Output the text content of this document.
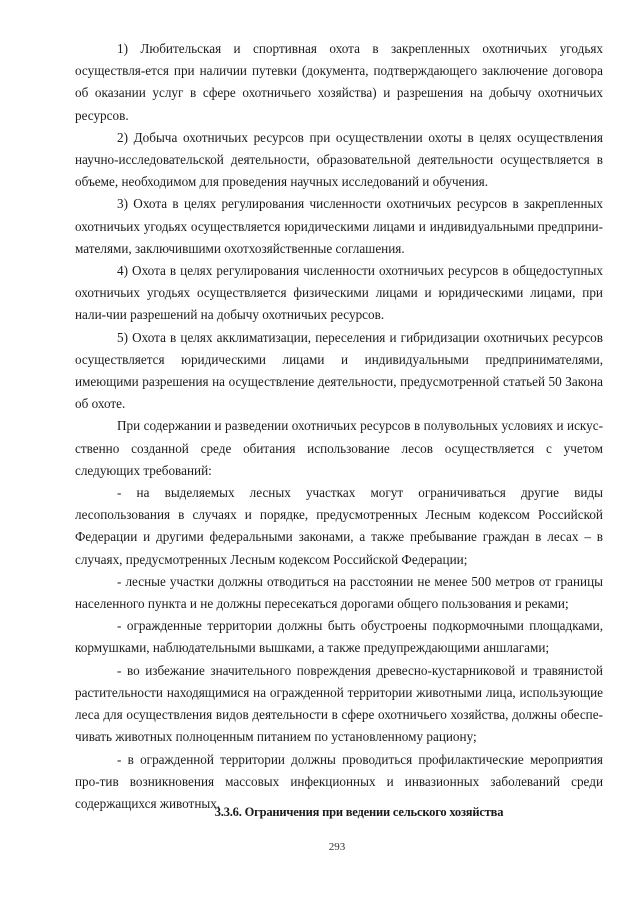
1) Любительская и спортивная охота в закрепленных охотничьих угодьях осуществля-ется при наличии путевки (документа, подтверждающего заключение договора об оказании услуг в сфере охотничьего хозяйства) и разрешения на добычу охотничьих ресурсов.

2) Добыча охотничьих ресурсов при осуществлении охоты в целях осуществления научно-исследовательской деятельности, образовательной деятельности осуществляется в объеме, необходимом для проведения научных исследований и обучения.

3) Охота в целях регулирования численности охотничьих ресурсов в закрепленных охотничьих угодьях осуществляется юридическими лицами и индивидуальными предприни-мателями, заключившими охотхозяйственные соглашения.

4) Охота в целях регулирования численности охотничьих ресурсов в общедоступных охотничьих угодьях осуществляется физическими лицами и юридическими лицами, при нали-чии разрешений на добычу охотничьих ресурсов.

5) Охота в целях акклиматизации, переселения и гибридизации охотничьих ресурсов осуществляется юридическими лицами и индивидуальными предпринимателями, имеющими разрешения на осуществление деятельности, предусмотренной статьей 50 Закона об охоте.

При содержании и разведении охотничьих ресурсов в полувольных условиях и искус-ственно созданной среде обитания использование лесов осуществляется с учетом следующих требований:

- на выделяемых лесных участках могут ограничиваться другие виды лесопользования в случаях и порядке, предусмотренных Лесным кодексом Российской Федерации и другими федеральными законами, а также пребывание граждан в лесах – в случаях, предусмотренных Лесным кодексом Российской Федерации;

- лесные участки должны отводиться на расстоянии не менее 500 метров от границы населенного пункта и не должны пересекаться дорогами общего пользования и реками;

- огражденные территории должны быть обустроены подкормочными площадками, кормушками, наблюдательными вышками, а также предупреждающими аншлагами;

- во избежание значительного повреждения древесно-кустарниковой и травянистой растительности находящимися на огражденной территории животными лица, использующие леса для осуществления видов деятельности в сфере охотничьего хозяйства, должны обеспе-чивать животных полноценным питанием по установленному рациону;

- в огражденной территории должны проводиться профилактические мероприятия про-тив возникновения массовых инфекционных и инвазионных заболеваний среди содержащихся животных.

3.3.6. Ограничения при ведении сельского хозяйства
293
